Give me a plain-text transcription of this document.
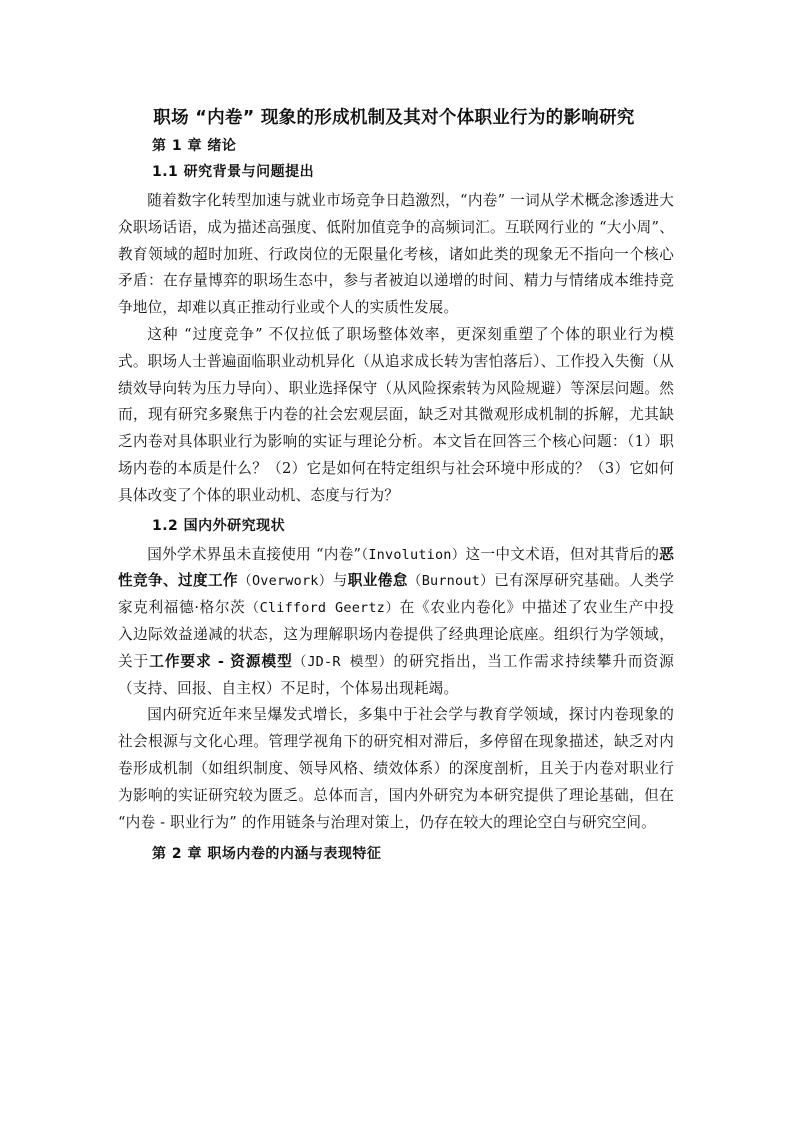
职场 “内卷” 现象的形成机制及其对个体职业行为的影响研究
第 1 章 绪论
1.1 研究背景与问题提出

随着数字化转型加速与就业市场竞争日趋激烈，“内卷” 一词从学术概念渗透进大众职场话语，成为描述高强度、低附加值竞争的高频词汇。互联网行业的 “大小周”、教育领域的超时加班、行政岗位的无限量化考核，诸如此类的现象无不指向一个核心矛盾：在存量博弈的职场生态中，参与者被迫以递增的时间、精力与情绪成本维持竞争地位，却难以真正推动行业或个人的实质性发展。

这种 “过度竞争” 不仅拉低了职场整体效率，更深刻重塑了个体的职业行为模式。职场人士普遍面临职业动机异化（从追求成长转为害怕落后）、工作投入失衡（从绩效导向转为压力导向）、职业选择保守（从风险探索转为风险规避）等深层问题。然而，现有研究多聚焦于内卷的社会宏观层面，缺乏对其微观形成机制的拆解，尤其缺乏内卷对具体职业行为影响的实证与理论分析。本文旨在回答三个核心问题：（1）职场内卷的本质是什么？（2）它是如何在特定组织与社会环境中形成的？（3）它如何具体改变了个体的职业动机、态度与行为？

1.2 国内外研究现状

国外学术界虽未直接使用 “内卷”（Involution）这一中文术语，但对其背后的恶性竞争、过度工作（Overwork）与职业倦怠（Burnout）已有深厚研究基础。人类学家克利福德·格尔茨（Clifford Geertz）在《农业内卷化》中描述了农业生产中投入边际效益递减的状态，这为理解职场内卷提供了经典理论底座。组织行为学领域，关于工作要求 - 资源模型（JD-R 模型）的研究指出，当工作需求持续攀升而资源（支持、回报、自主权）不足时，个体易出现耗竭。

国内研究近年来呈爆发式增长，多集中于社会学与教育学领域，探讨内卷现象的社会根源与文化心理。管理学视角下的研究相对滞后，多停留在现象描述，缺乏对内卷形成机制（如组织制度、领导风格、绩效体系）的深度剖析，且关于内卷对职业行为影响的实证研究较为匮乏。总体而言，国内外研究为本研究提供了理论基础，但在 “内卷 - 职业行为” 的作用链条与治理对策上，仍存在较大的理论空白与研究空间。

第 2 章 职场内卷的内涵与表现特征
